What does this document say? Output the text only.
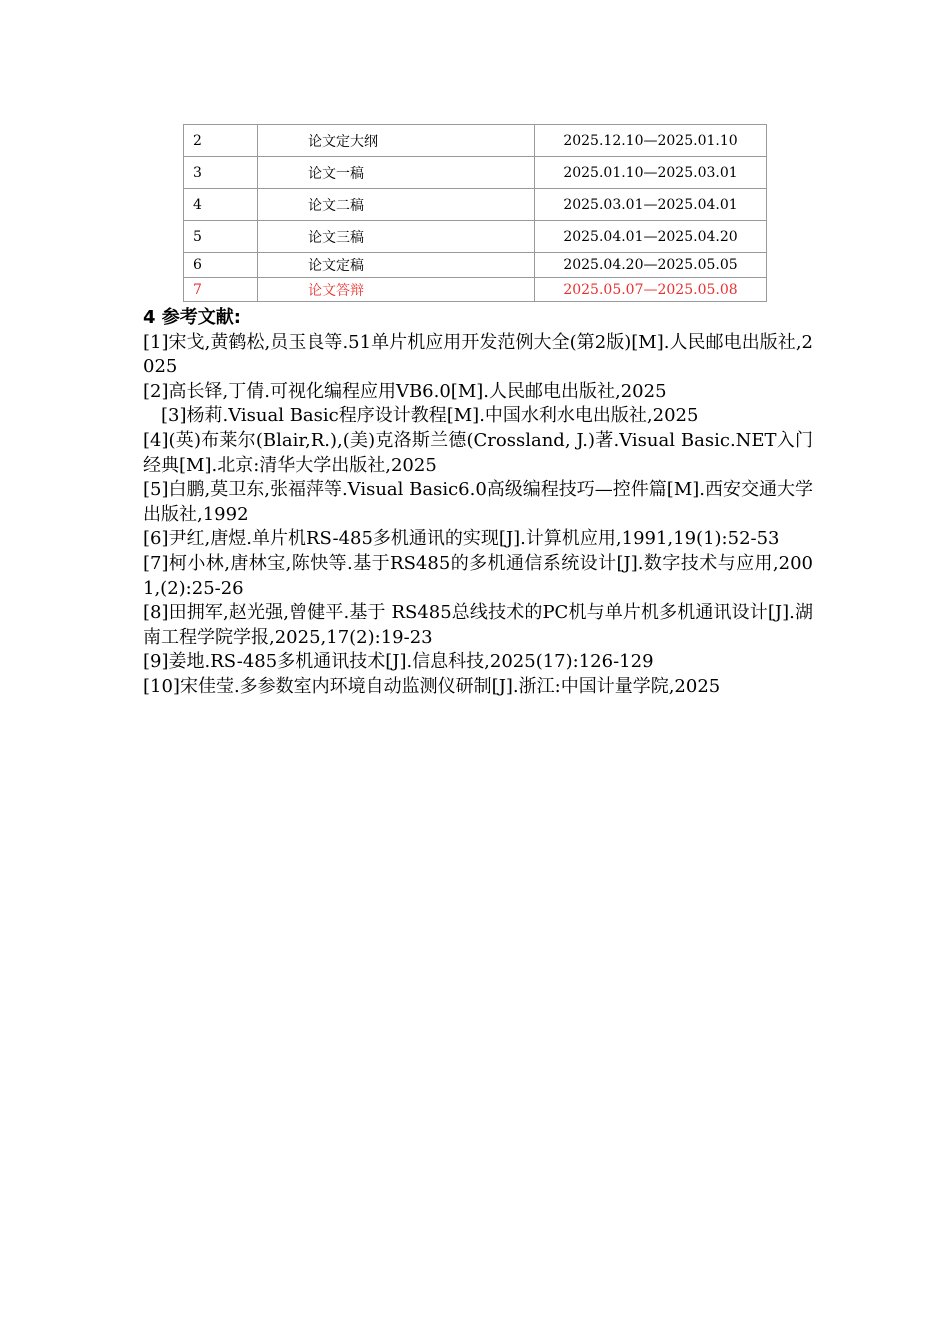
2	论文定大纲	2025.12.10—2025.01.10
3	论文一稿	2025.01.10—2025.03.01
4	论文二稿	2025.03.01—2025.04.01
5	论文三稿	2025.04.01—2025.04.20
6	论文定稿	2025.04.20—2025.05.05
7	论文答辩	2025.05.07—2025.05.08
4 参考文献:

[1]宋戈,黄鹤松,员玉良等.51单片机应用开发范例大全(第2版)[M].人民邮电出版社,2025

[2]高长铎,丁倩.可视化编程应用VB6.0[M].人民邮电出版社,2025

[3]杨莉.Visual Basic程序设计教程[M].中国水利水电出版社,2025

[4](英)布莱尔(Blair,R.),(美)克洛斯兰德(Crossland, J.)著.Visual Basic.NET入门经典[M].北京:清华大学出版社,2025

[5]白鹏,莫卫东,张福萍等.Visual Basic6.0高级编程技巧—控件篇[M].西安交通大学出版社,1992

[6]尹红,唐煜.单片机RS-485多机通讯的实现[J].计算机应用,1991,19(1):52-53

[7]柯小林,唐林宝,陈快等.基于RS485的多机通信系统设计[J].数字技术与应用,2001,(2):25-26

[8]田拥军,赵光强,曾健平.基于 RS485总线技术的PC机与单片机多机通讯设计[J].湖南工程学院学报,2025,17(2):19-23

[9]姜地.RS-485多机通讯技术[J].信息科技,2025(17):126-129

[10]宋佳莹.多参数室内环境自动监测仪研制[J].浙江:中国计量学院,2025
